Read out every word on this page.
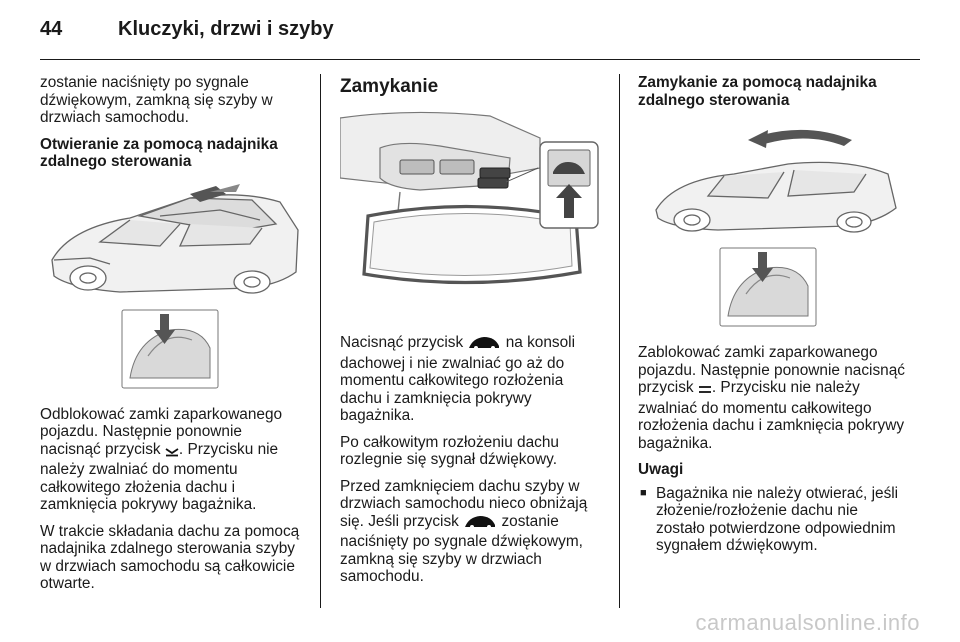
44	Kluczyki, drzwi i szyby

zostanie naciśnięty po sygnale dźwiękowym, zamkną się szyby w drzwiach samochodu.

Otwieranie za pomocą nadajnika zdalnego sterowania

Odblokować zamki zaparkowanego pojazdu. Następnie ponownie nacisnąć przycisk . Przycisku nie należy zwalniać do momentu całkowitego złożenia dachu i zamknięcia pokrywy bagażnika.

W trakcie składania dachu za pomocą nadajnika zdalnego sterowania szyby w drzwiach samochodu są całkowicie otwarte.

Zamykanie

Nacisnąć przycisk	na konsoli dachowej i nie zwalniać go aż do momentu całkowitego rozłożenia dachu i zamknięcia pokrywy bagażnika.

Po całkowitym rozłożeniu dachu rozlegnie się sygnał dźwiękowy.

Przed zamknięciem dachu szyby w drzwiach samochodu nieco obniżają się. Jeśli przycisk	zostanie naciśnięty po sygnale dźwiękowym, zamkną się szyby w drzwiach samochodu.

Zamykanie za pomocą nadajnika zdalnego sterowania

Zablokować zamki zaparkowanego pojazdu. Następnie ponownie nacisnąć przycisk . Przycisku nie należy zwalniać do momentu całkowitego rozłożenia dachu i zamknięcia pokrywy bagażnika.

Uwagi
■ Bagażnika nie należy otwierać, jeśli złożenie/rozłożenie dachu nie zostało potwierdzone odpowiednim sygnałem dźwiękowym.
carmanualsonline.info
